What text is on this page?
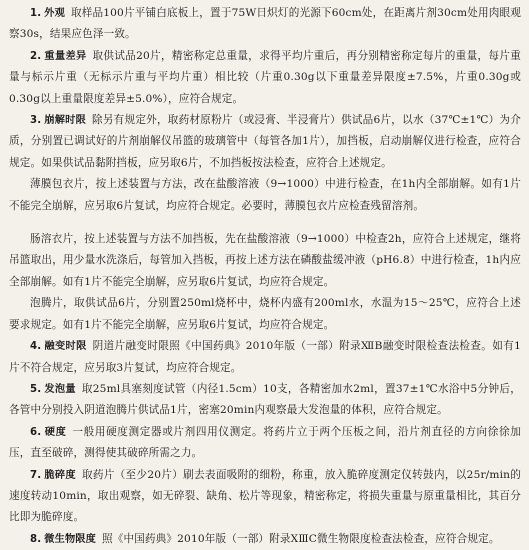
1. 外观 取样品100片平铺白底板上，置于75W日炽灯的光源下60cm处，在距离片剂30cm处用肉眼观察30s，结果应色泽一致。

2. 重量差异 取供试品20片，精密称定总重量，求得平均片重后，再分别精密称定每片的重量，每片重量与标示片重（无标示片重与平均片重）相比较（片重0.30g以下重量差异限度±7.5%，片重0.30g或0.30g以上重量限度差异±5.0%），应符合规定。

3. 崩解时限 除另有规定外，取药材原粉片（或浸膏、半浸膏片）供试品6片，以水（37℃±1℃）为介质，分别置已调试好的片剂崩解仪吊篮的玻璃管中（每管各加1片），加挡板，启动崩解仪进行检查，应符合规定。如果供试品黏附挡板，应另取6片，不加挡板按法检查，应符合上述规定。

薄膜包衣片，按上述装置与方法，改在盐酸溶液（9→1000）中进行检查，在1h内全部崩解。如有1片不能完全崩解，应另取6片复试，均应符合规定。必要时，薄膜包衣片应检查残留溶剂。

肠溶衣片，按上述装置与方法不加挡板，先在盐酸溶液（9→1000）中检查2h，应符合上述规定，继将吊篮取出，用少量水洗涤后，每管加入挡板，再按上述方法在磷酸盐缓冲液（pH6.8）中进行检查，1h内应全部崩解。如有1片不能完全崩解，应另取6片复试，均应符合规定。

泡腾片，取供试品6片，分别置250ml烧杯中，烧杯内盛有200ml水，水温为15～25℃，应符合上述要求规定。如有1片不能完全崩解，应另取6片复试，均应符合规定。

4. 融变时限 阴道片融变时限照《中国药典》2010年版（一部）附录ⅫB融变时限检查法检查。如有1片不符合规定，应另取3片复试，均应符合规定。

5. 发泡量 取25ml具塞刻度试管（内径1.5cm）10支，各精密加水2ml，置37±1℃水浴中5分钟后，各管中分别投入阴道泡腾片供试品1片，密塞20min内观察最大发泡量的体积，应符合规定。

6. 硬度 一般用硬度测定器或片剂四用仪测定。将药片立于两个压板之间，沿片剂直径的方向徐徐加压，直至破碎，测得使其破碎所需之力。

7. 脆碎度 取药片（至少20片）刷去表面吸附的细粉，称重，放入脆碎度测定仪转鼓内，以25r/min的速度转动10min，取出观察，如无碎裂、缺角、松片等现象，精密称定，将损失重量与原重量相比，其百分比即为脆碎度。

8. 微生物限度 照《中国药典》2010年版（一部）附录ⅩⅢC微生物限度检查法检查，应符合规定。
